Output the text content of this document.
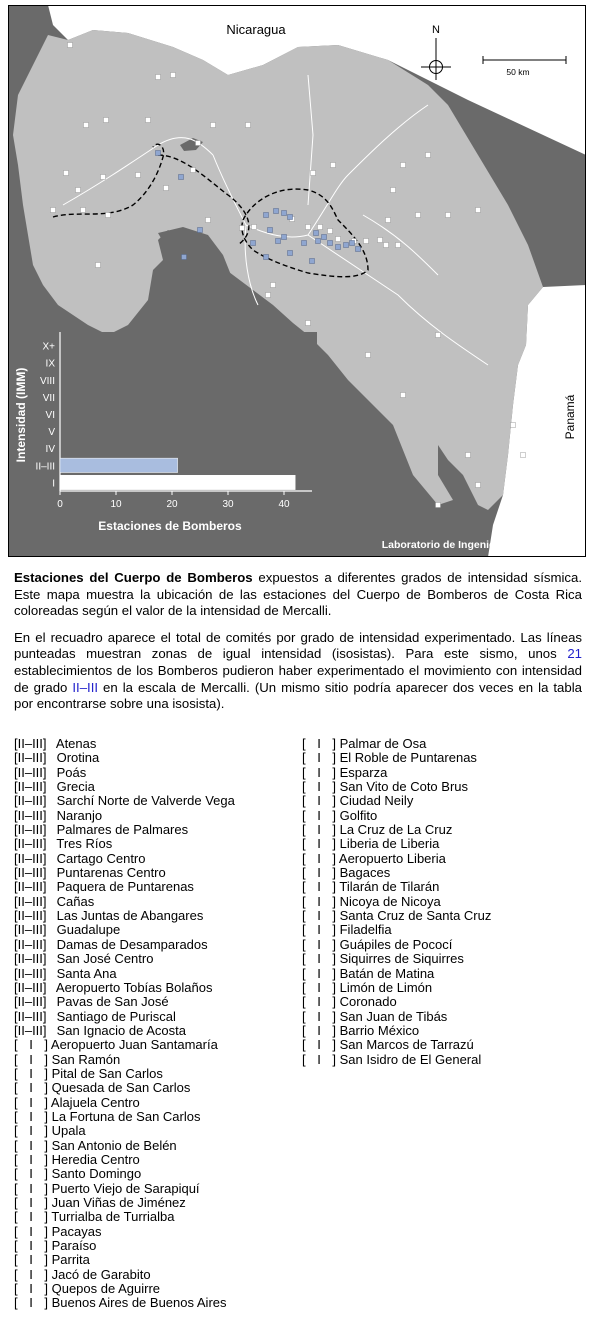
N
50 km
Nicaragua
Panamá
Laboratorio de Ingeniería Sísmica (UCR)
Intensidad (IMM)
I
II–III
IV
V
VI
VII
VIII
IX
X+
0	10	20	30	40
Estaciones de Bomberos

Estaciones del Cuerpo de Bomberos expuestos a diferentes grados de intensidad sísmica. Este mapa muestra la ubicación de las estaciones del Cuerpo de Bomberos de Costa Rica coloreadas según el valor de la intensidad de Mercalli.

En el recuadro aparece el total de comités por grado de intensidad experimentado. Las líneas punteadas muestran zonas de igual intensidad (isosistas). Para este sismo, unos 21 establecimientos de los Bomberos pudieron haber experimentado el movimiento con intensidad de grado II–III en la escala de Mercalli. (Un mismo sitio podría aparecer dos veces en la tabla por encontrarse sobre una isosista).

[II–III] Atenas
[II–III] Orotina
[II–III] Poás
[II–III] Grecia
[II–III] Sarchí Norte de Valverde Vega
[II–III] Naranjo
[II–III] Palmares de Palmares
[II–III] Tres Ríos
[II–III] Cartago Centro
[II–III] Puntarenas Centro
[II–III] Paquera de Puntarenas
[II–III] Cañas
[II–III] Las Juntas de Abangares
[II–III] Guadalupe
[II–III] Damas de Desamparados
[II–III] San José Centro
[II–III] Santa Ana
[II–III] Aeropuerto Tobías Bolaños
[II–III] Pavas de San José
[II–III] Santiago de Puriscal
[II–III] San Ignacio de Acosta
[ I ] Aeropuerto Juan Santamaría
[ I ] San Ramón
[ I ] Pital de San Carlos
[ I ] Quesada de San Carlos
[ I ] Alajuela Centro
[ I ] La Fortuna de San Carlos
[ I ] Upala
[ I ] San Antonio de Belén
[ I ] Heredia Centro
[ I ] Santo Domingo
[ I ] Puerto Viejo de Sarapiquí
[ I ] Juan Viñas de Jiménez
[ I ] Turrialba de Turrialba
[ I ] Pacayas
[ I ] Paraíso
[ I ] Parrita
[ I ] Jacó de Garabito
[ I ] Quepos de Aguirre
[ I ] Buenos Aires de Buenos Aires
[ I ] Palmar de Osa
[ I ] El Roble de Puntarenas
[ I ] Esparza
[ I ] San Vito de Coto Brus
[ I ] Ciudad Neily
[ I ] Golfito
[ I ] La Cruz de La Cruz
[ I ] Liberia de Liberia
[ I ] Aeropuerto Liberia
[ I ] Bagaces
[ I ] Tilarán de Tilarán
[ I ] Nicoya de Nicoya
[ I ] Santa Cruz de Santa Cruz
[ I ] Filadelfia
[ I ] Guápiles de Pococí
[ I ] Siquirres de Siquirres
[ I ] Batán de Matina
[ I ] Limón de Limón
[ I ] Coronado
[ I ] San Juan de Tibás
[ I ] Barrio México
[ I ] San Marcos de Tarrazú
[ I ] San Isidro de El General
